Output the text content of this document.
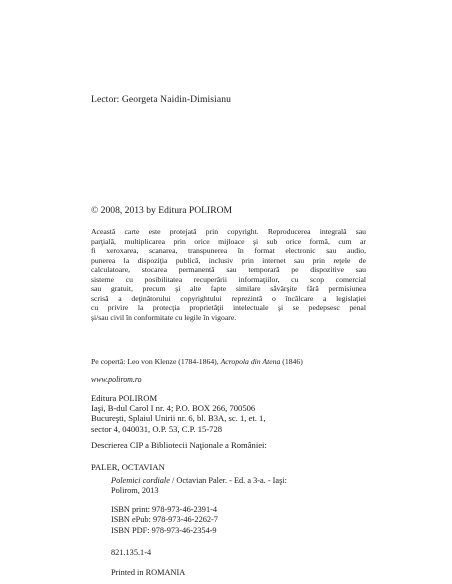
Lector: Georgeta Naidin-Dimisianu
© 2008, 2013 by Editura POLIROM
Această carte este protejată prin copyright. Reproducerea integrală sau
parţială, multiplicarea prin orice mijloace şi sub orice formă, cum ar
fi xeroxarea, scanarea, transpunerea în format electronic sau audio,
punerea la dispoziţia publică, inclusiv prin internet sau prin reţele de
calculatoare, stocarea permanentă sau temporară pe dispozitive sau
sisteme cu posibilitatea recuperării informaţiilor, cu scop comercial
sau gratuit, precum şi alte fapte similare săvârşite fără permisiunea
scrisă a deţinătorului copyrightului reprezintă o încălcare a legislaţiei
cu privire la protecţia proprietăţii intelectuale şi se pedepsesc penal
şi/sau civil în conformitate cu legile în vigoare.
Pe copertă: Leo von Klenze (1784-1864), Acropola din Atena (1846)
www.polirom.ro
Editura POLIROM
Iaşi, B-dul Carol I nr. 4; P.O. BOX 266, 700506
Bucureşti, Splaiul Unirii nr. 6, bl. B3A, sc. 1, et. 1,
sector 4, 040031, O.P. 53, C.P. 15-728
Descrierea CIP a Bibliotecii Naţionale a României:
PALER, OCTAVIAN
Polemici cordiale / Octavian Paler. - Ed. a 3-a. - Iaşi:
Polirom, 2013
ISBN print: 978-973-46-2391-4
ISBN ePub: 978-973-46-2262-7
ISBN PDF: 978-973-46-2354-9
821.135.1-4
Printed in ROMANIA
